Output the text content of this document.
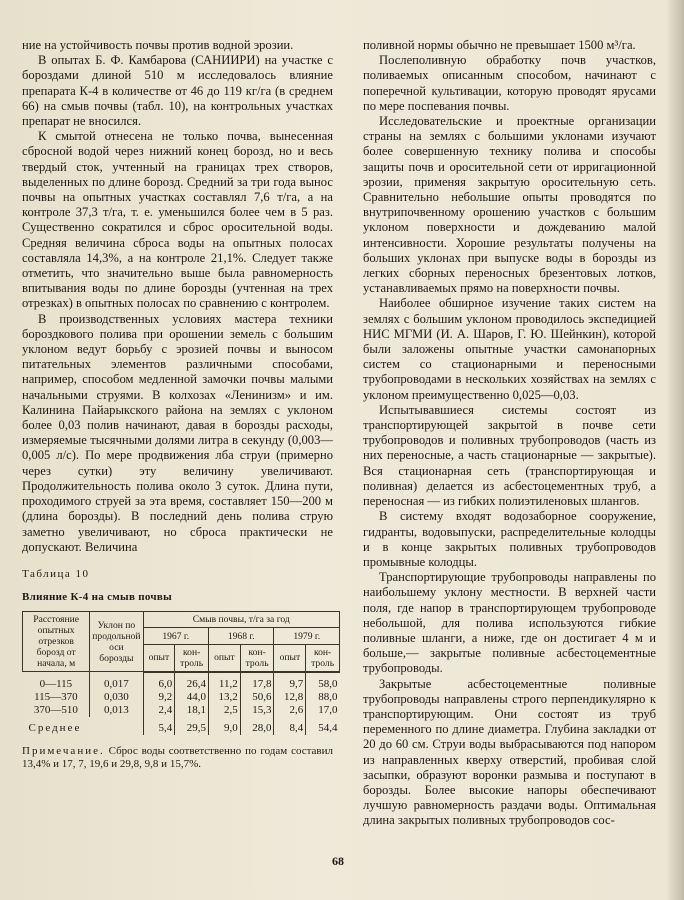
ние на устойчивость почвы против водной эрозии.

В опытах Б. Ф. Камбарова (САНИИРИ) на участке с бороздами длиной 510 м исследовалось влияние препарата К-4 в количестве от 46 до 119 кг/га (в среднем 66) на смыв почвы (табл. 10), на контрольных участках препарат не вносился.

К смытой отнесена не только почва, вынесенная сбросной водой через нижний конец борозд, но и весь твердый сток, учтенный на границах трех створов, выделенных по длине борозд. Средний за три года вынос почвы на опытных участках составлял 7,6 т/га, а на контроле 37,3 т/га, т. е. уменьшился более чем в 5 раз. Существенно сократился и сброс оросительной воды. Средняя величина сброса воды на опытных полосах составляла 14,3%, а на контроле 21,1%. Следует также отметить, что значительно выше была равномерность впитывания воды по длине борозды (учтенная на трех отрезках) в опытных полосах по сравнению с контролем.

В производственных условиях мастера техники бороздкового полива при орошении земель с большим уклоном ведут борьбу с эрозией почвы и выносом питательных элементов различными способами, например, способом медленной замочки почвы малыми начальными струями. В колхозах «Ленинизм» и им. Калинина Пайарыкского района на землях с уклоном более 0,03 полив начинают, давая в борозды расходы, измеряемые тысячными долями литра в секунду (0,003—0,005 л/с). По мере продвижения лба струи (примерно через сутки) эту величину увеличивают. Продолжительность полива около 3 суток. Длина пути, проходимого струей за эта время, составляет 150—200 м (длина борозды). В последний день полива струю заметно увеличивают, но сброса практически не допускают. Величина

Таблица 10
Влияние К-4 на смыв почвы
Расстояние опытных отрезков борозд от начала, м	Уклон по продольной оси борозды	Смыв почвы, т/га за год					
		1967 г.		1968 г.		1979 г.	
		опыт	кон-троль	опыт	кон-троль	опыт	кон-троль
0—115	0,017	6,0	26,4	11,2	17,8	9,7	58,0
115—370	0,030	9,2	44,0	13,2	50,6	12,8	88,0
370—510	0,013	2,4	18,1	2,5	15,3	2,6	17,0
Среднее		5,4	29,5	9,0	28,0	8,4	54,4
Примечание. Сброс воды соответственно по годам составил 13,4% и 17, 7, 19,6 и 29,8, 9,8 и 15,7%.

поливной нормы обычно не превышает 1500 м³/га.

Послеполивную обработку почв участков, поливаемых описанным способом, начинают с поперечной культивации, которую проводят ярусами по мере поспевания почвы.

Исследовательские и проектные организации страны на землях с большими уклонами изучают более совершенную технику полива и способы защиты почв и оросительной сети от ирригационной эрозии, применяя закрытую оросительную сеть. Сравнительно небольшие опыты проводятся по внутрипочвенному орошению участков с большим уклоном поверхности и дождеванию малой интенсивности. Хорошие результаты получены на больших уклонах при выпуске воды в борозды из легких сборных переносных брезентовых лотков, устанавливаемых прямо на поверхности почвы.

Наиболее обширное изучение таких систем на землях с большим уклоном проводилось экспедицией НИС МГМИ (И. А. Шаров, Г. Ю. Шейнкин), которой были заложены опытные участки самонапорных систем со стационарными и переносными трубопроводами в нескольких хозяйствах на землях с уклоном преимущественно 0,025—0,03.

Испытывавшиеся системы состоят из транспортирующей закрытой в почве сети трубопроводов и поливных трубопроводов (часть из них переносные, а часть стационарные — закрытые). Вся стационарная сеть (транспортирующая и поливная) делается из асбестоцементных труб, а переносная — из гибких полиэтиленовых шлангов.

В систему входят водозаборное сооружение, гидранты, водовыпуски, распределительные колодцы и в конце закрытых поливных трубопроводов промывные колодцы.

Транспортирующие трубопроводы направлены по наибольшему уклону местности. В верхней части поля, где напор в транспортирующем трубопроводе небольшой, для полива используются гибкие поливные шланги, а ниже, где он достигает 4 м и больше,— закрытые поливные асбестоцементные трубопроводы.

Закрытые асбестоцементные поливные трубопроводы направлены строго перпендикулярно к транспортирующим. Они состоят из труб переменного по длине диаметра. Глубина закладки от 20 до 60 см. Струи воды выбрасываются под напором из направленных кверху отверстий, пробивая слой засыпки, образуют воронки размыва и поступают в борозды. Более высокие напоры обеспечивают лучшую равномерность раздачи воды. Оптимальная длина закрытых поливных трубопроводов сос-

68
